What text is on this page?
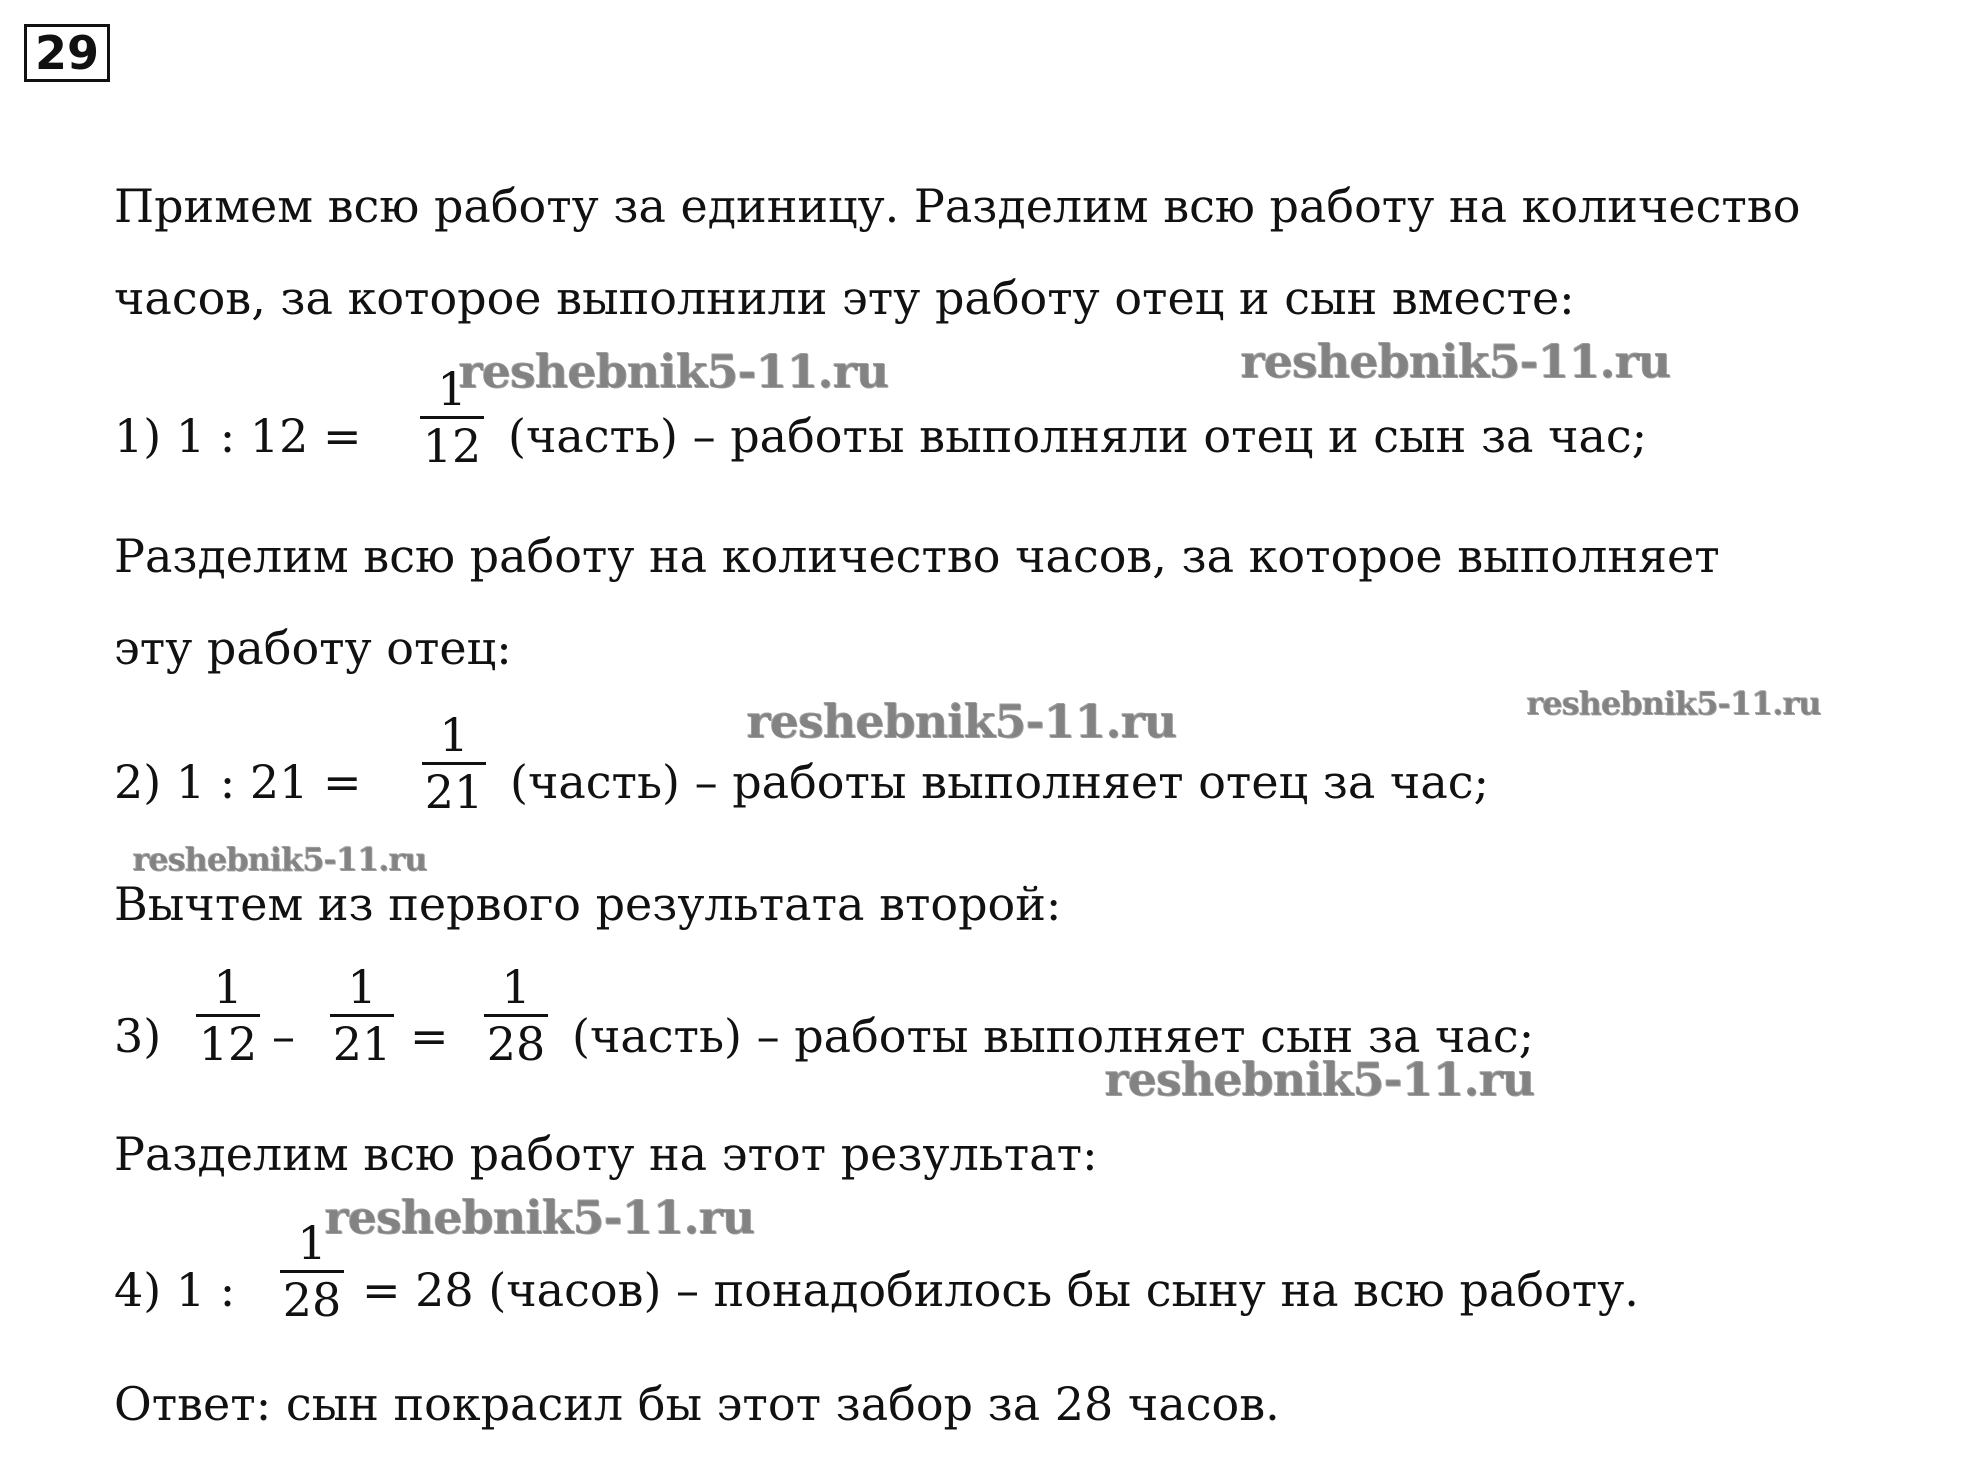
29
Примем всю работу за единицу. Разделим всю работу на количество
часов, за которое выполнили эту работу отец и сын вместе:
1) 1 : 12 =
1
12 (часть) – работы выполняли отец и сын за час;
Разделим всю работу на количество часов, за которое выполняет
эту работу отец:
2) 1 : 21 =
1
21 (часть) – работы выполняет отец за час;
Вычтем из первого результата второй:
3)
1
12 –
1
21 =
1
28 (часть) – работы выполняет сын за час;
Разделим всю работу на этот результат:
4) 1 :
1
28 = 28 (часов) – понадобилось бы сыну на всю работу.
Ответ: сын покрасил бы этот забор за 28 часов.
reshebnik5-11.ru	reshebnik5-11.ru
reshebnik5-11.ru	reshebnik5-11.ru
reshebnik5-11.ru
reshebnik5-11.ru
reshebnik5-11.ru
